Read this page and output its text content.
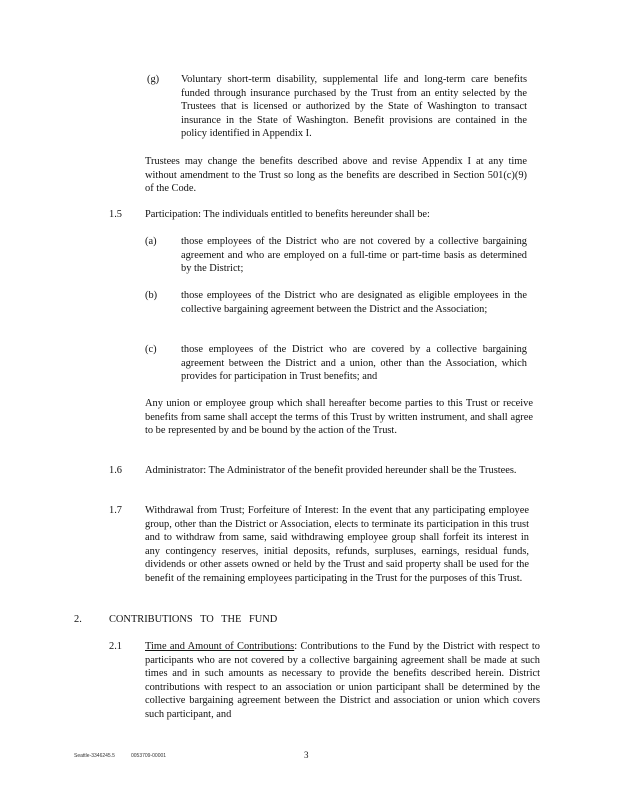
(g) Voluntary short-term disability, supplemental life and long-term care benefits funded through insurance purchased by the Trust from an entity selected by the Trustees that is licensed or authorized by the State of Washington to transact insurance in the State of Washington. Benefit provisions are contained in the policy identified in Appendix I.
Trustees may change the benefits described above and revise Appendix I at any time without amendment to the Trust so long as the benefits are described in Section 501(c)(9) of the Code.
1.5 Participation: The individuals entitled to benefits hereunder shall be:
(a) those employees of the District who are not covered by a collective bargaining agreement and who are employed on a full-time or part-time basis as determined by the District;
(b) those employees of the District who are designated as eligible employees in the collective bargaining agreement between the District and the Association;
(c) those employees of the District who are covered by a collective bargaining agreement between the District and a union, other than the Association, which provides for participation in Trust benefits; and
Any union or employee group which shall hereafter become parties to this Trust or receive benefits from same shall accept the terms of this Trust by written instrument, and shall agree to be represented by and be bound by the action of the Trust.
1.6 Administrator: The Administrator of the benefit provided hereunder shall be the Trustees.
1.7 Withdrawal from Trust; Forfeiture of Interest: In the event that any participating employee group, other than the District or Association, elects to terminate its participation in this trust and to withdraw from same, said withdrawing employee group shall forfeit its interest in any contingency reserves, initial deposits, refunds, surpluses, earnings, residual funds, dividends or other assets owned or held by the Trust and said property shall be used for the benefit of the remaining employees participating in the Trust for the purposes of this Trust.
2.	CONTRIBUTIONS TO THE FUND
2.1 Time and Amount of Contributions: Contributions to the Fund by the District with respect to participants who are not covered by a collective bargaining agreement shall be made at such times and in such amounts as necessary to provide the benefits described herein. District contributions with respect to an association or union participant shall be determined by the collective bargaining agreement between the District and association or union which covers such participant, and
Seattle-3346245.5	0053709-00001	3
